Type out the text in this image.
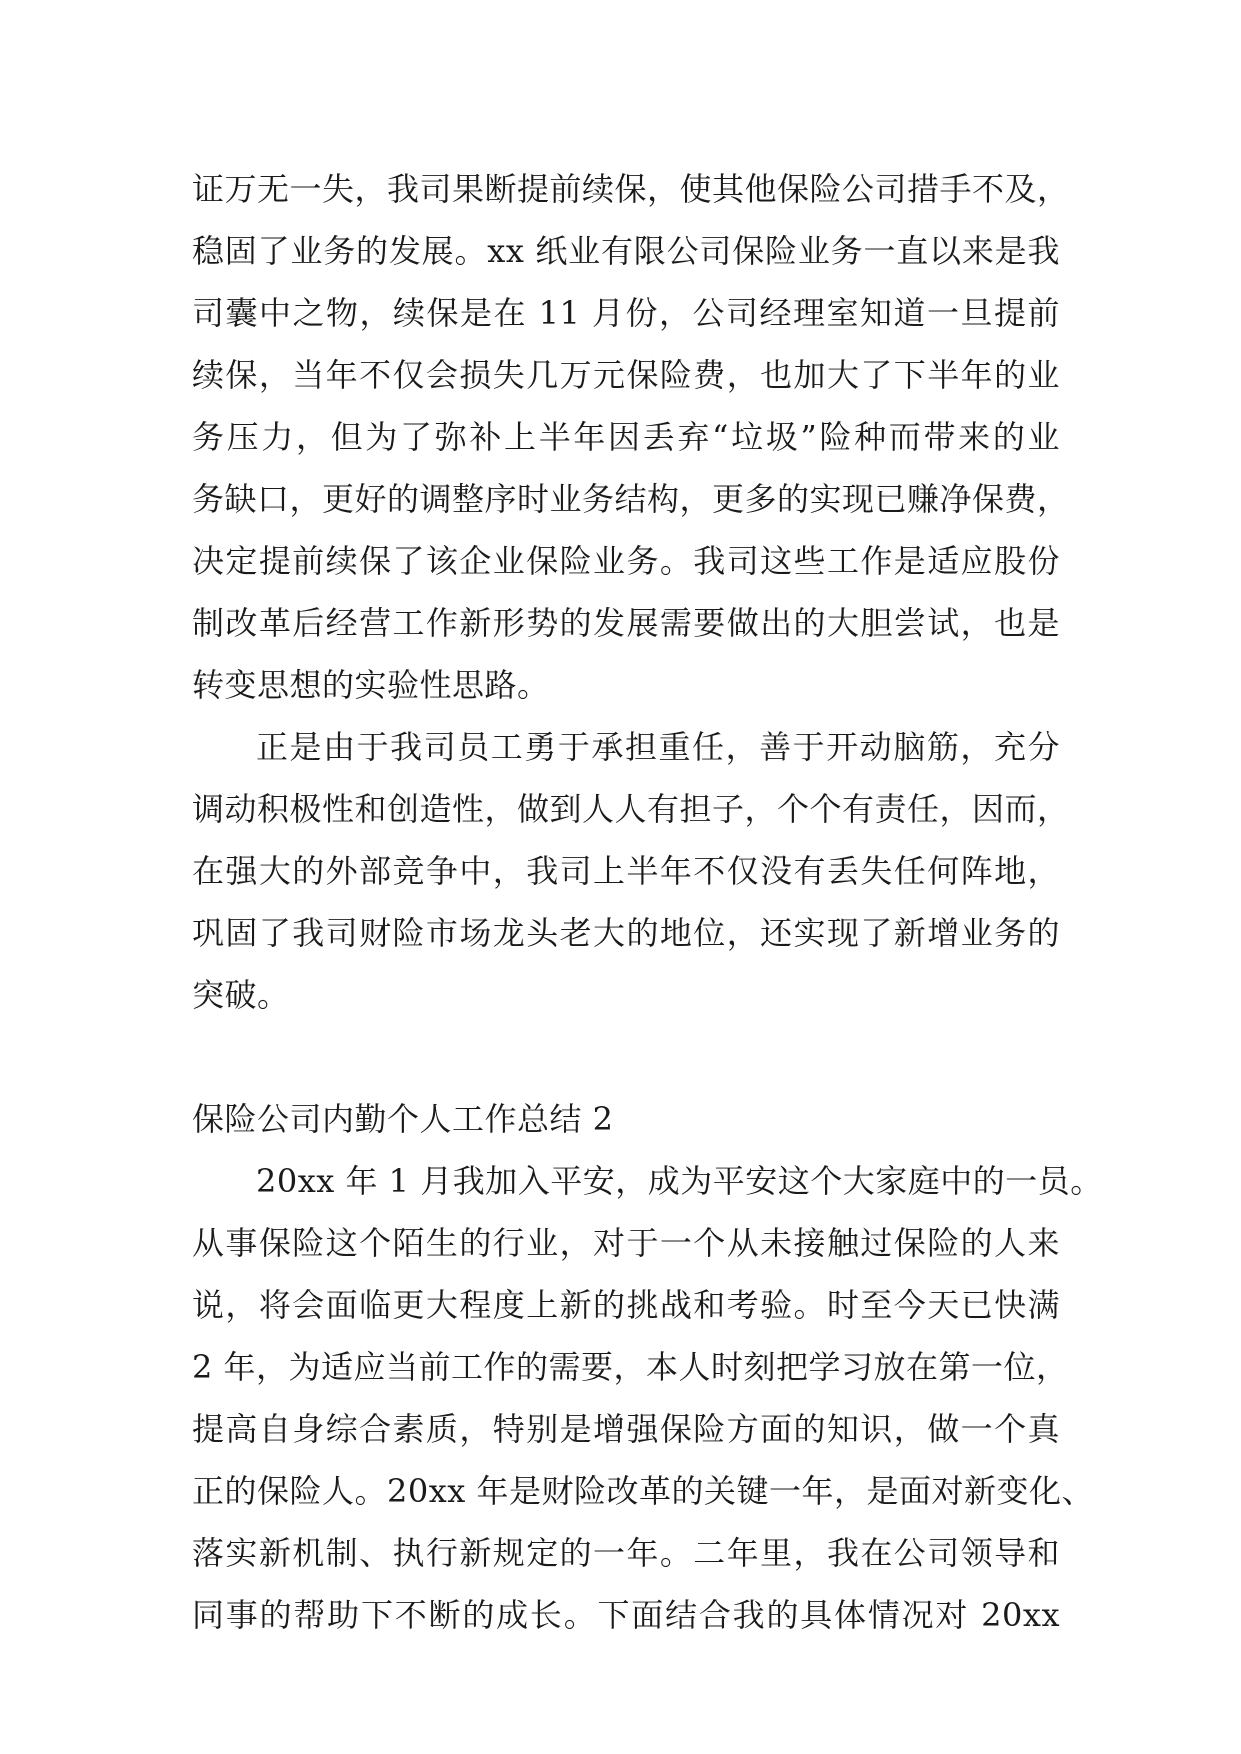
证万无一失，我司果断提前续保，使其他保险公司措手不及，
稳固了业务的发展。xx 纸业有限公司保险业务一直以来是我
司囊中之物，续保是在 11 月份，公司经理室知道一旦提前
续保，当年不仅会损失几万元保险费，也加大了下半年的业
务压力，但为了弥补上半年因丢弃“垃圾”险种而带来的业
务缺口，更好的调整序时业务结构，更多的实现已赚净保费，
决定提前续保了该企业保险业务。我司这些工作是适应股份
制改革后经营工作新形势的发展需要做出的大胆尝试，也是
转变思想的实验性思路。
正是由于我司员工勇于承担重任，善于开动脑筋，充分
调动积极性和创造性，做到人人有担子，个个有责任，因而，
在强大的外部竞争中，我司上半年不仅没有丢失任何阵地，
巩固了我司财险市场龙头老大的地位，还实现了新增业务的
突破。
保险公司内勤个人工作总结 2
20xx 年 1 月我加入平安，成为平安这个大家庭中的一员。
从事保险这个陌生的行业，对于一个从未接触过保险的人来
说，将会面临更大程度上新的挑战和考验。时至今天已快满
2 年，为适应当前工作的需要，本人时刻把学习放在第一位，
提高自身综合素质，特别是增强保险方面的知识，做一个真
正的保险人。20xx 年是财险改革的关键一年，是面对新变化、
落实新机制、执行新规定的一年。二年里，我在公司领导和
同事的帮助下不断的成长。下面结合我的具体情况对 20xx
